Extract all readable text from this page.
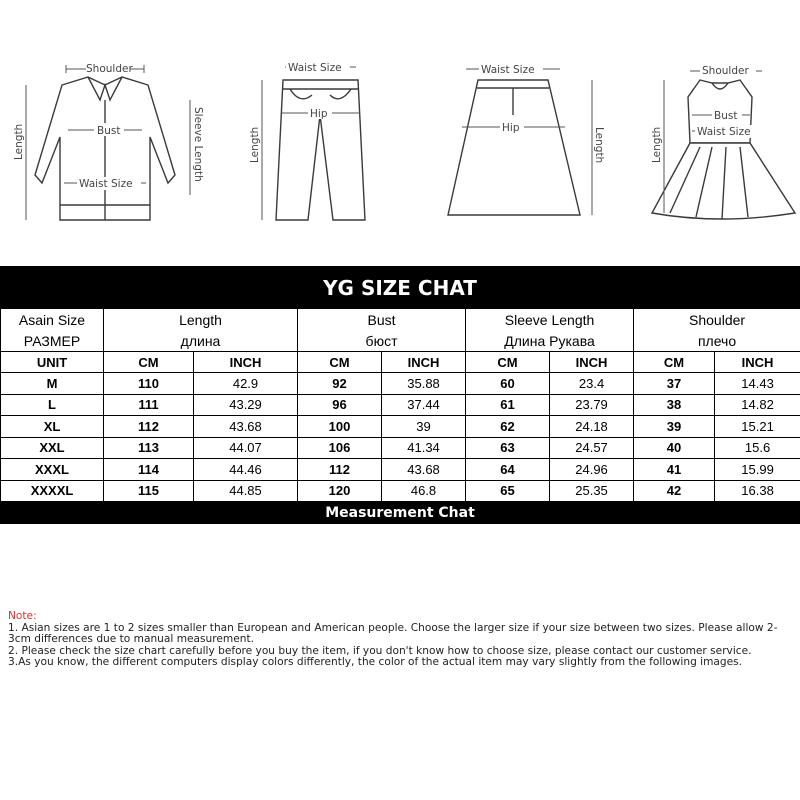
Shoulder
Bust
Waist Size
Length	Sleeve Length
Waist Size
Hip
Length
Waist Size
Hip	Length
Shoulder
Bust
Waist Size
Length
YG SIZE CHAT
Asain Size	Length		Bust		Sleeve Length		Shoulder	
РАЗМЕР	длина		бюст		Длина Рукава		плечо	
UNIT	CM	INCH	CM	INCH	CM	INCH	CM	INCH
M	110	42.9	92	35.88	60	23.4	37	14.43
L	111	43.29	96	37.44	61	23.79	38	14.82
XL	112	43.68	100	39	62	24.18	39	15.21
XXL	113	44.07	106	41.34	63	24.57	40	15.6
XXXL	114	44.46	112	43.68	64	24.96	41	15.99
XXXXL	115	44.85	120	46.8	65	25.35	42	16.38
Measurement Chat

Note:

1. Asian sizes are 1 to 2 sizes smaller than European and American people. Choose the larger size if your size between two sizes. Please allow 2-3cm differences due to manual measurement.

2. Please check the size chart carefully before you buy the item, if you don't know how to choose size, please contact our customer service.

3.As you know, the different computers display colors differently, the color of the actual item may vary slightly from the following images.
